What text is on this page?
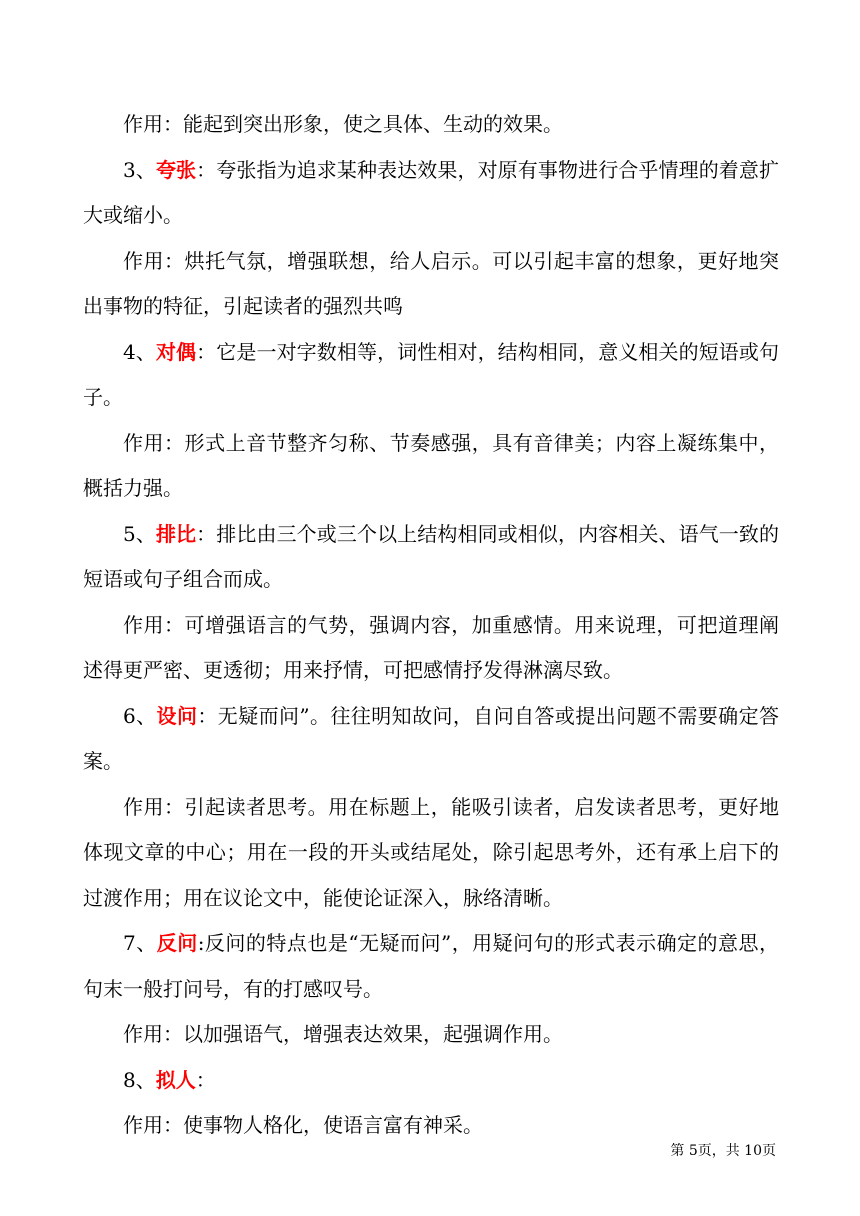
作用：能起到突出形象，使之具体、生动的效果。

3、夸张：夸张指为追求某种表达效果，对原有事物进行合乎情理的着意扩大或缩小。

作用：烘托气氛，增强联想，给人启示。可以引起丰富的想象，更好地突出事物的特征，引起读者的强烈共鸣

4、对偶：它是一对字数相等，词性相对，结构相同，意义相关的短语或句子。

作用：形式上音节整齐匀称、节奏感强，具有音律美；内容上凝练集中，概括力强。

5、排比：排比由三个或三个以上结构相同或相似，内容相关、语气一致的短语或句子组合而成。

作用：可增强语言的气势，强调内容，加重感情。用来说理，可把道理阐述得更严密、更透彻；用来抒情，可把感情抒发得淋漓尽致。

6、设问：无疑而问”。往往明知故问，自问自答或提出问题不需要确定答案。

作用：引起读者思考。用在标题上，能吸引读者，启发读者思考，更好地体现文章的中心；用在一段的开头或结尾处，除引起思考外，还有承上启下的过渡作用；用在议论文中，能使论证深入，脉络清晰。

7、反问:反问的特点也是“无疑而问”，用疑问句的形式表示确定的意思，句末一般打问号，有的打感叹号。

作用：以加强语气，增强表达效果，起强调作用。

8、拟人：

作用：使事物人格化，使语言富有神采。

第 5页，共 10页
